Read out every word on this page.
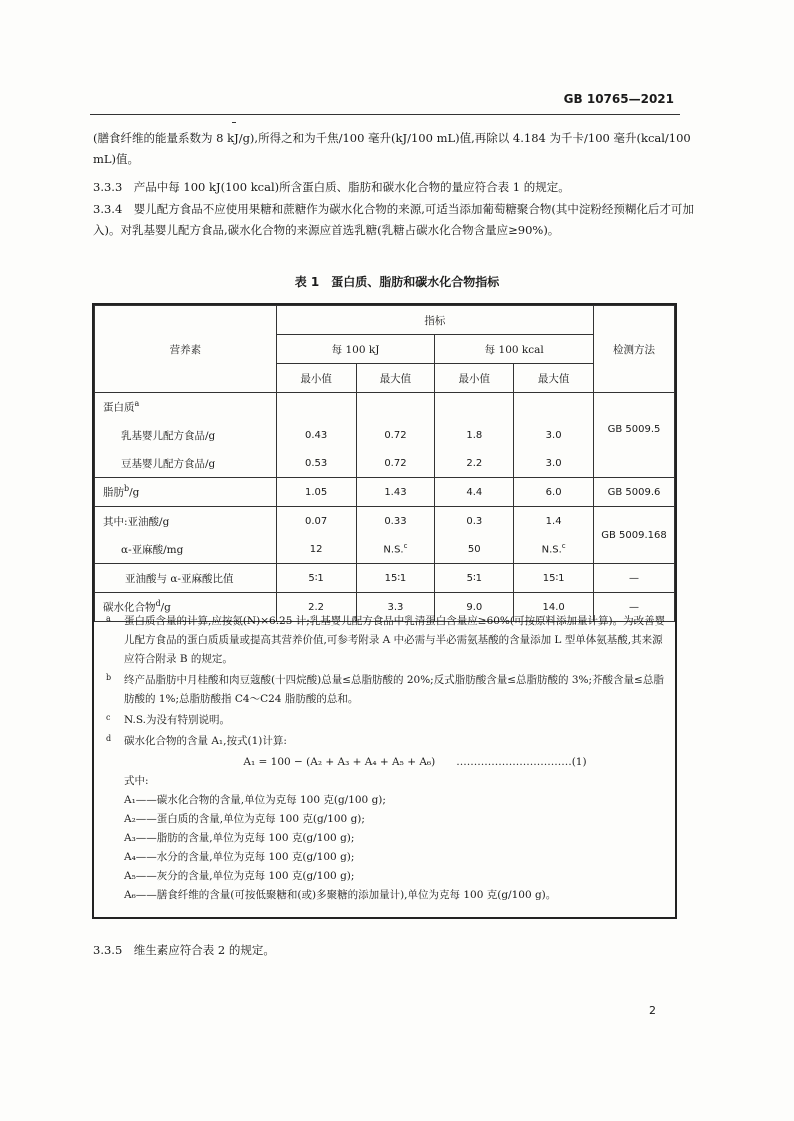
GB 10765—2021
(膳食纤维的能量系数为 8 kJ/g),所得之和为千焦/100 毫升(kJ/100 mL)值,再除以 4.184 为千卡/100 毫升(kcal/100 mL)值。
3.3.3　产品中每 100 kJ(100 kcal)所含蛋白质、脂肪和碳水化合物的量应符合表 1 的规定。
3.3.4　婴儿配方食品不应使用果糖和蔗糖作为碳水化合物的来源,可适当添加葡萄糖聚合物(其中淀粉经预糊化后才可加入)。对乳基婴儿配方食品,碳水化合物的来源应首选乳糖(乳糖占碳水化合物含量应≥90%)。
表 1　蛋白质、脂肪和碳水化合物指标
营养素	指标				检测方法
	每 100 kJ		每 100 kcal		
	最小值	最大值	最小值	最大值	
蛋白质$^a$					
乳基婴儿配方食品/g	0.43	0.72	1.8	3.0	GB 5009.5
豆基婴儿配方食品/g	0.53	0.72	2.2	3.0	
脂肪$^b$/g	1.05	1.43	4.4	6.0	GB 5009.6
其中:亚油酸/g	0.07	0.33	0.3	1.4	GB 5009.168
α-亚麻酸/mg	12	N.S.$^c$	50	N.S.$^c$
亚油酸与 α-亚麻酸比值	5∶1	15∶1	5∶1	15∶1	—
碳水化合物$^d$/g	2.2	3.3	9.0	14.0	—
a 蛋白质含量的计算,应按氮(N)×6.25 计;乳基婴儿配方食品中乳清蛋白含量应≥60%(可按原料添加量计算)。为改善婴儿配方食品的蛋白质质量或提高其营养价值,可参考附录 A 中必需与半必需氨基酸的含量添加 L 型单体氨基酸,其来源应符合附录 B 的规定。
b 终产品脂肪中月桂酸和肉豆蔻酸(十四烷酸)总量≤总脂肪酸的 20%;反式脂肪酸含量≤总脂肪酸的 3%;芥酸含量≤总脂肪酸的 1%;总脂肪酸指 C4～C24 脂肪酸的总和。
c N.S.为没有特别说明。
d 碳水化合物的含量 A₁,按式(1)计算:
A₁ = 100 − (A₂ + A₃ + A₄ + A₅ + A₆)　　……………………………(1)
式中:
A₁——碳水化合物的含量,单位为克每 100 克(g/100 g);
A₂——蛋白质的含量,单位为克每 100 克(g/100 g);
A₃——脂肪的含量,单位为克每 100 克(g/100 g);
A₄——水分的含量,单位为克每 100 克(g/100 g);
A₅——灰分的含量,单位为克每 100 克(g/100 g);
A₆——膳食纤维的含量(可按低聚糖和(或)多聚糖的添加量计),单位为克每 100 克(g/100 g)。
3.3.5　维生素应符合表 2 的规定。
2
